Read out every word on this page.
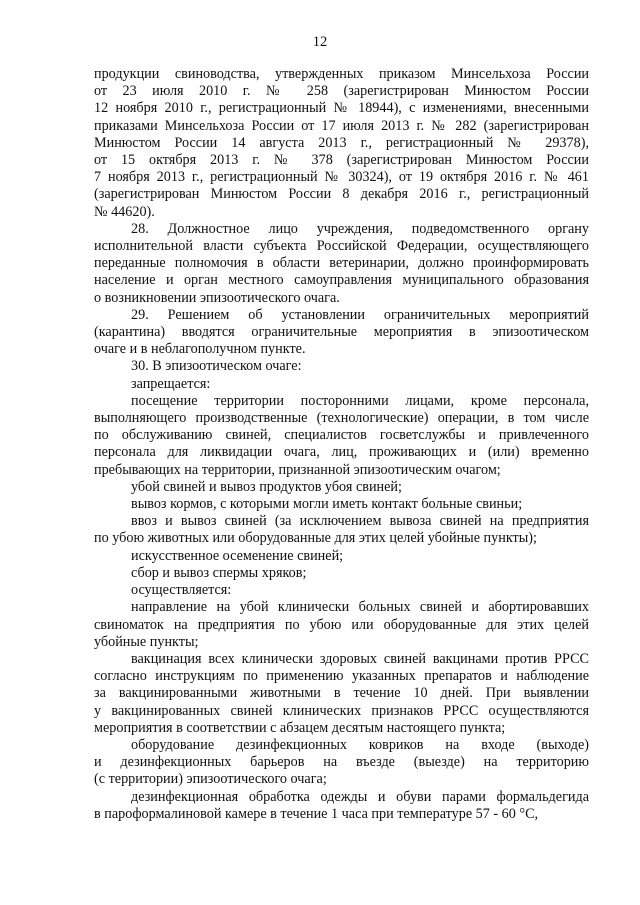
12

продукции свиноводства, утвержденных приказом Минсельхоза России
от 23 июля 2010 г. № 258 (зарегистрирован Минюстом России
12 ноября 2010 г., регистрационный № 18944), с изменениями, внесенными
приказами Минсельхоза России от 17 июля 2013 г. № 282 (зарегистрирован
Минюстом России 14 августа 2013 г., регистрационный № 29378),
от 15 октября 2013 г. № 378 (зарегистрирован Минюстом России
7 ноября 2013 г., регистрационный № 30324), от 19 октября 2016 г. № 461
(зарегистрирован Минюстом России 8 декабря 2016 г., регистрационный
№ 44620).

28. Должностное лицо учреждения, подведомственного органу
исполнительной власти субъекта Российской Федерации, осуществляющего
переданные полномочия в области ветеринарии, должно проинформировать
население и орган местного самоуправления муниципального образования
о возникновении эпизоотического очага.

29. Решением об установлении ограничительных мероприятий
(карантина) вводятся ограничительные мероприятия в эпизоотическом
очаге и в неблагополучном пункте.

30. В эпизоотическом очаге:

запрещается:

посещение территории посторонними лицами, кроме персонала,
выполняющего производственные (технологические) операции, в том числе
по обслуживанию свиней, специалистов госветслужбы и привлеченного
персонала для ликвидации очага, лиц, проживающих и (или) временно
пребывающих на территории, признанной эпизоотическим очагом;

убой свиней и вывоз продуктов убоя свиней;

вывоз кормов, с которыми могли иметь контакт больные свиньи;

ввоз и вывоз свиней (за исключением вывоза свиней на предприятия
по убою животных или оборудованные для этих целей убойные пункты);

искусственное осеменение свиней;

сбор и вывоз спермы хряков;

осуществляется:

направление на убой клинически больных свиней и абортировавших
свиноматок на предприятия по убою или оборудованные для этих целей
убойные пункты;

вакцинация всех клинически здоровых свиней вакцинами против РРСС
согласно инструкциям по применению указанных препаратов и наблюдение
за вакцинированными животными в течение 10 дней. При выявлении
у вакцинированных свиней клинических признаков РРСС осуществляются
мероприятия в соответствии с абзацем десятым настоящего пункта;

оборудование дезинфекционных ковриков на входе (выходе)
и дезинфекционных барьеров на въезде (выезде) на территорию
(с территории) эпизоотического очага;

дезинфекционная обработка одежды и обуви парами формальдегида
в пароформалиновой камере в течение 1 часа при температуре 57 - 60 °С,
